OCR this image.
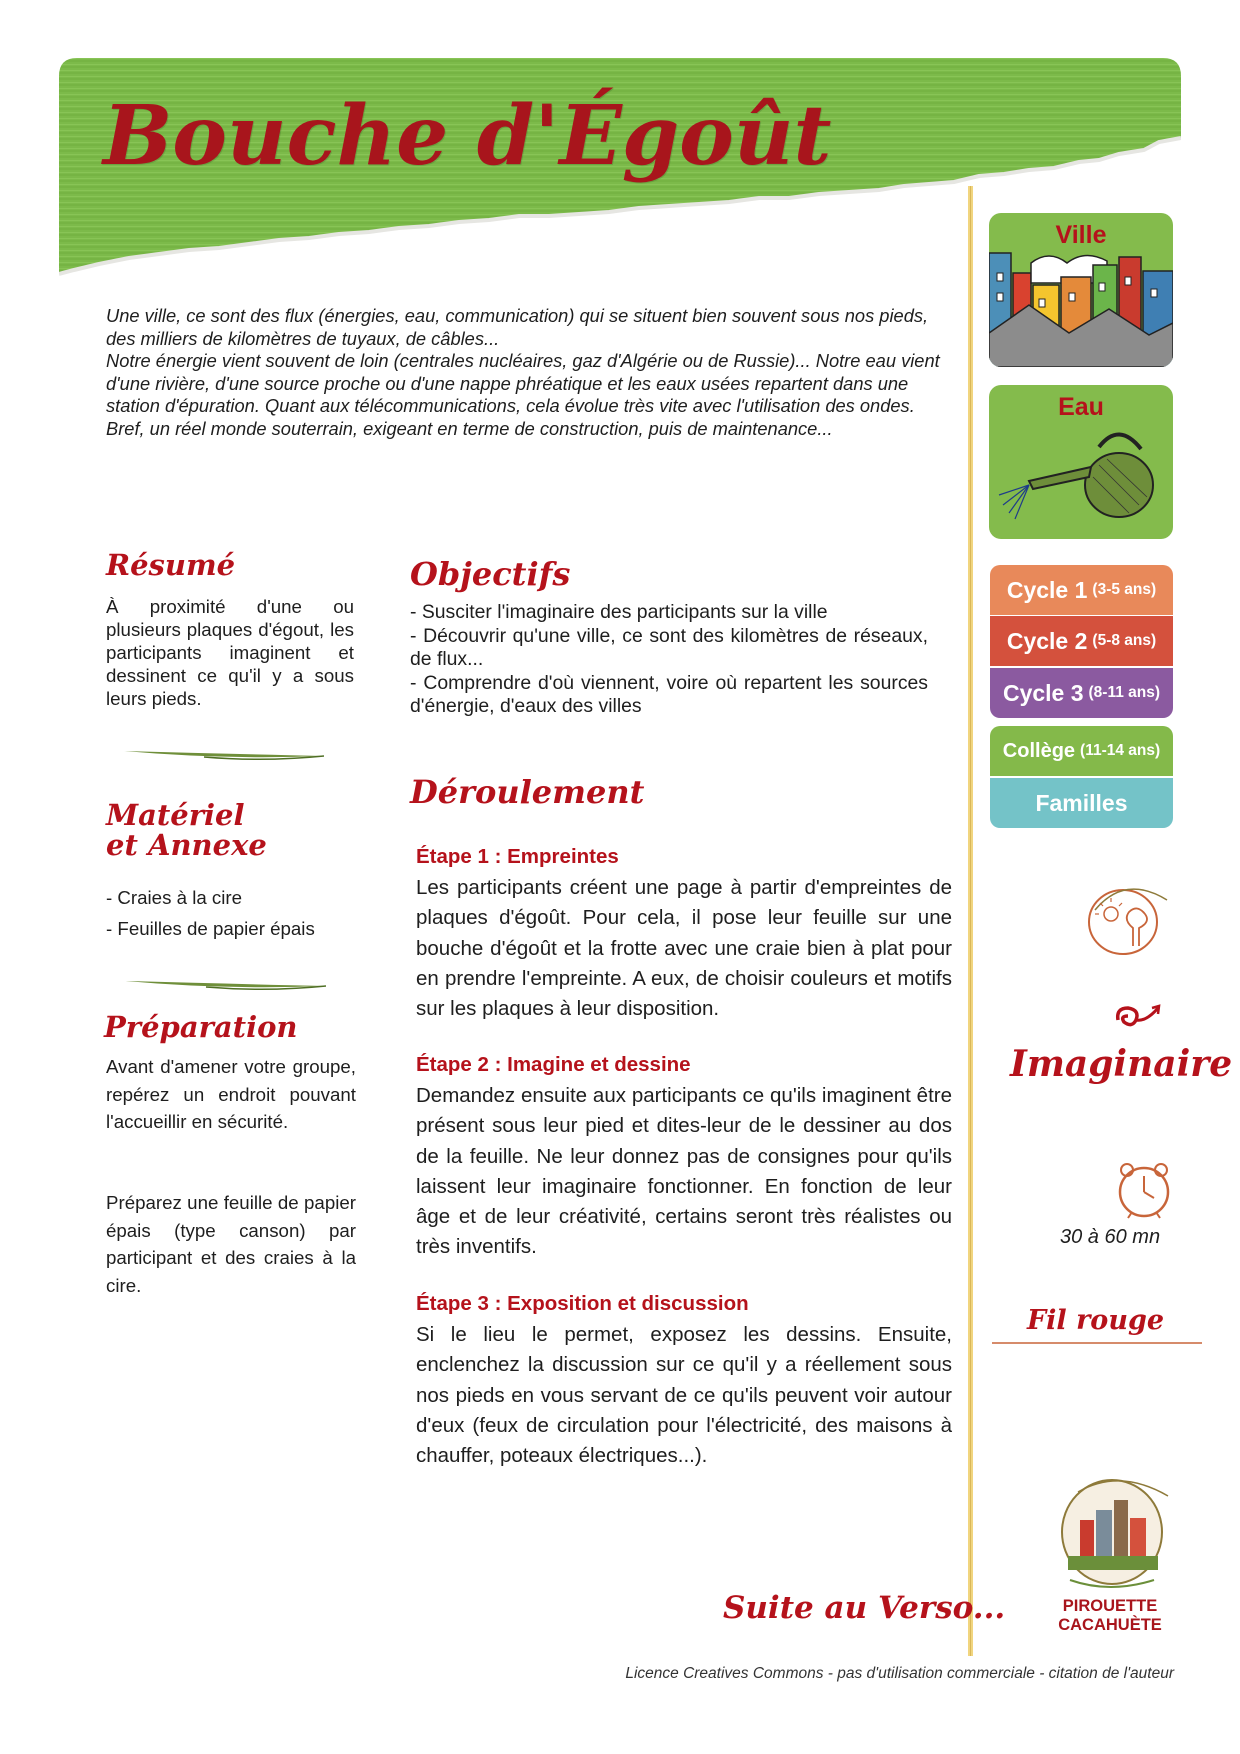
Bouche d'Égoût

Une ville, ce sont des flux (énergies, eau, communication) qui se situent bien souvent sous nos pieds, des milliers de kilomètres de tuyaux, de câbles...

Notre énergie vient souvent de loin (centrales nucléaires, gaz d'Algérie ou de Russie)... Notre eau vient d'une rivière, d'une source proche ou d'une nappe phréatique et les eaux usées repartent dans une station d'épuration. Quant aux télécommunications, cela évolue très vite avec l'utilisation des ondes.

Bref, un réel monde souterrain, exigeant en terme de construction, puis de maintenance...

Résumé
À proximité d'une ou plusieurs plaques d'égout, les participants imaginent et dessinent ce qu'il y a sous leurs pieds.
Matériel
et Annexe
- Craies à la cire
- Feuilles de papier épais
Préparation
Avant d'amener votre groupe, repérez un endroit pouvant l'accueillir en sécurité.
Préparez une feuille de papier épais (type canson) par participant et des craies à la cire.
Objectifs
- Susciter l'imaginaire des participants sur la ville
- Découvrir qu'une ville, ce sont des kilomètres de réseaux, de flux...
- Comprendre d'où viennent, voire où repartent les sources d'énergie, d'eaux des villes
Déroulement
Étape 1 : Empreintes
Les participants créent une page à partir d'empreintes de plaques d'égoût. Pour cela, il pose leur feuille sur une bouche d'égoût et la frotte avec une craie bien à plat pour en prendre l'empreinte. A eux, de choisir couleurs et motifs sur les plaques à leur disposition.
Étape 2 : Imagine et dessine
Demandez ensuite aux participants ce qu'ils imaginent être présent sous leur pied et dites-leur de le dessiner au dos de la feuille. Ne leur donnez pas de consignes pour qu'ils laissent leur imaginaire fonctionner. En fonction de leur âge et de leur créativité, certains seront très réalistes ou très inventifs.
Étape 3 : Exposition et discussion
Si le lieu le permet, exposez les dessins. Ensuite, enclenchez la discussion sur ce qu'il y a réellement sous nos pieds en vous servant de ce qu'ils peuvent voir autour d'eux (feux de circulation pour l'électricité, des maisons à chauffer, poteaux électriques...).
Ville
Eau
Cycle 1 (3-5 ans)
Cycle 2 (5-8 ans)
Cycle 3 (8-11 ans)
Collège (11-14 ans)
Familles
Imaginaire
30 à 60 mn
Fil rouge
PIROUETTE
CACAHUÈTE
Suite au Verso...
Licence Creatives Commons - pas d'utilisation commerciale - citation de l'auteur
